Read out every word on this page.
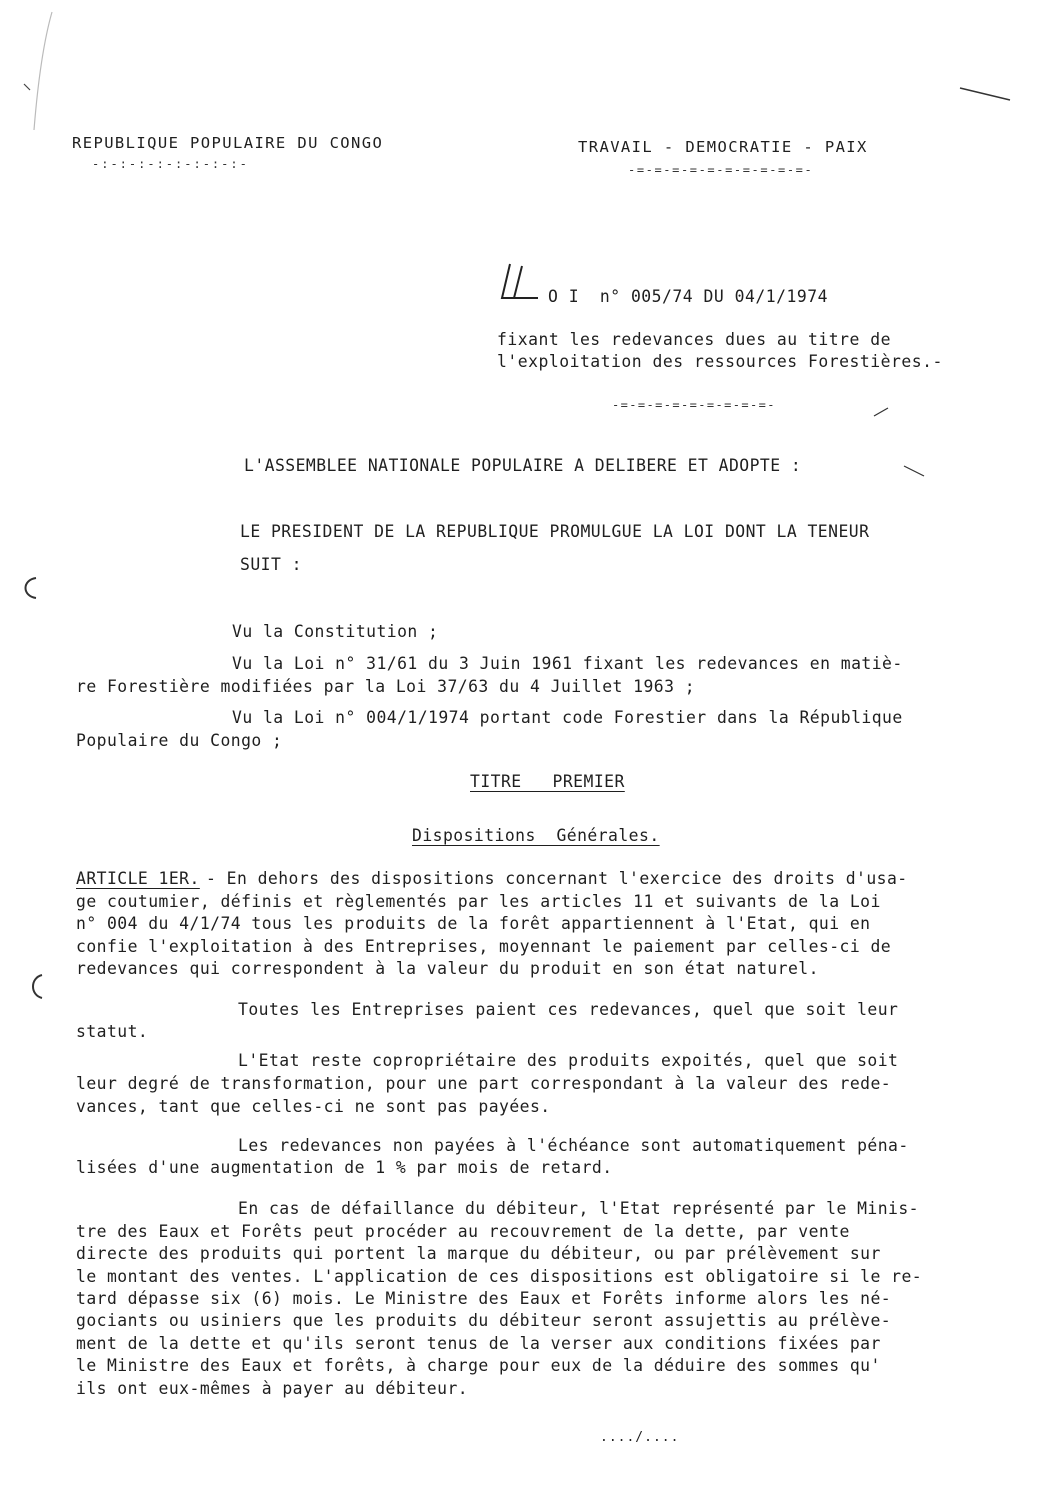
REPUBLIQUE POPULAIRE DU CONGO
-:-:-:-:-:-:-:-:-
TRAVAIL - DEMOCRATIE - PAIX
-=-=-=-=-=-=-=-=-=-=-
O I  n° 005/74 DU 04/1/1974
fixant les redevances dues au titre de
l'exploitation des ressources Forestières.-
-=-=-=-=-=-=-=-=-=-
L'ASSEMBLEE NATIONALE POPULAIRE A DELIBERE ET ADOPTE :
LE PRESIDENT DE LA REPUBLIQUE PROMULGUE LA LOI DONT LA TENEUR
SUIT :
Vu la Constitution ;
Vu la Loi n° 31/61 du 3 Juin 1961 fixant les redevances en matiè-
re Forestière modifiées par la Loi 37/63 du 4 Juillet 1963 ;
Vu la Loi n° 004/1/1974 portant code Forestier dans la République
Populaire du Congo ;
TITRE   PREMIER
Dispositions  Générales.
ARTICLE 1ER. - En dehors des dispositions concernant l'exercice des droits d'usa-
ge coutumier, définis et règlementés par les articles 11 et suivants de la Loi
n° 004 du 4/1/74 tous les produits de la forêt appartiennent à l'Etat, qui en
confie l'exploitation à des Entreprises, moyennant le paiement par celles-ci de
redevances qui correspondent à la valeur du produit en son état naturel.
Toutes les Entreprises paient ces redevances, quel que soit leur
statut.
L'Etat reste copropriétaire des produits expoités, quel que soit
leur degré de transformation, pour une part correspondant à la valeur des rede-
vances, tant que celles-ci ne sont pas payées.
Les redevances non payées à l'échéance sont automatiquement péna-
lisées d'une augmentation de 1 % par mois de retard.
En cas de défaillance du débiteur, l'Etat représenté par le Minis-
tre des Eaux et Forêts peut procéder au recouvrement de la dette, par vente
directe des produits qui portent la marque du débiteur, ou par prélèvement sur
le montant des ventes. L'application de ces dispositions est obligatoire si le re-
tard dépasse six (6) mois. Le Ministre des Eaux et Forêts informe alors les né-
gociants ou usiniers que les produits du débiteur seront assujettis au prélève-
ment de la dette et qu'ils seront tenus de la verser aux conditions fixées par
le Ministre des Eaux et forêts, à charge pour eux de la déduire des sommes qu'
ils ont eux-mêmes à payer au débiteur.
..../....
